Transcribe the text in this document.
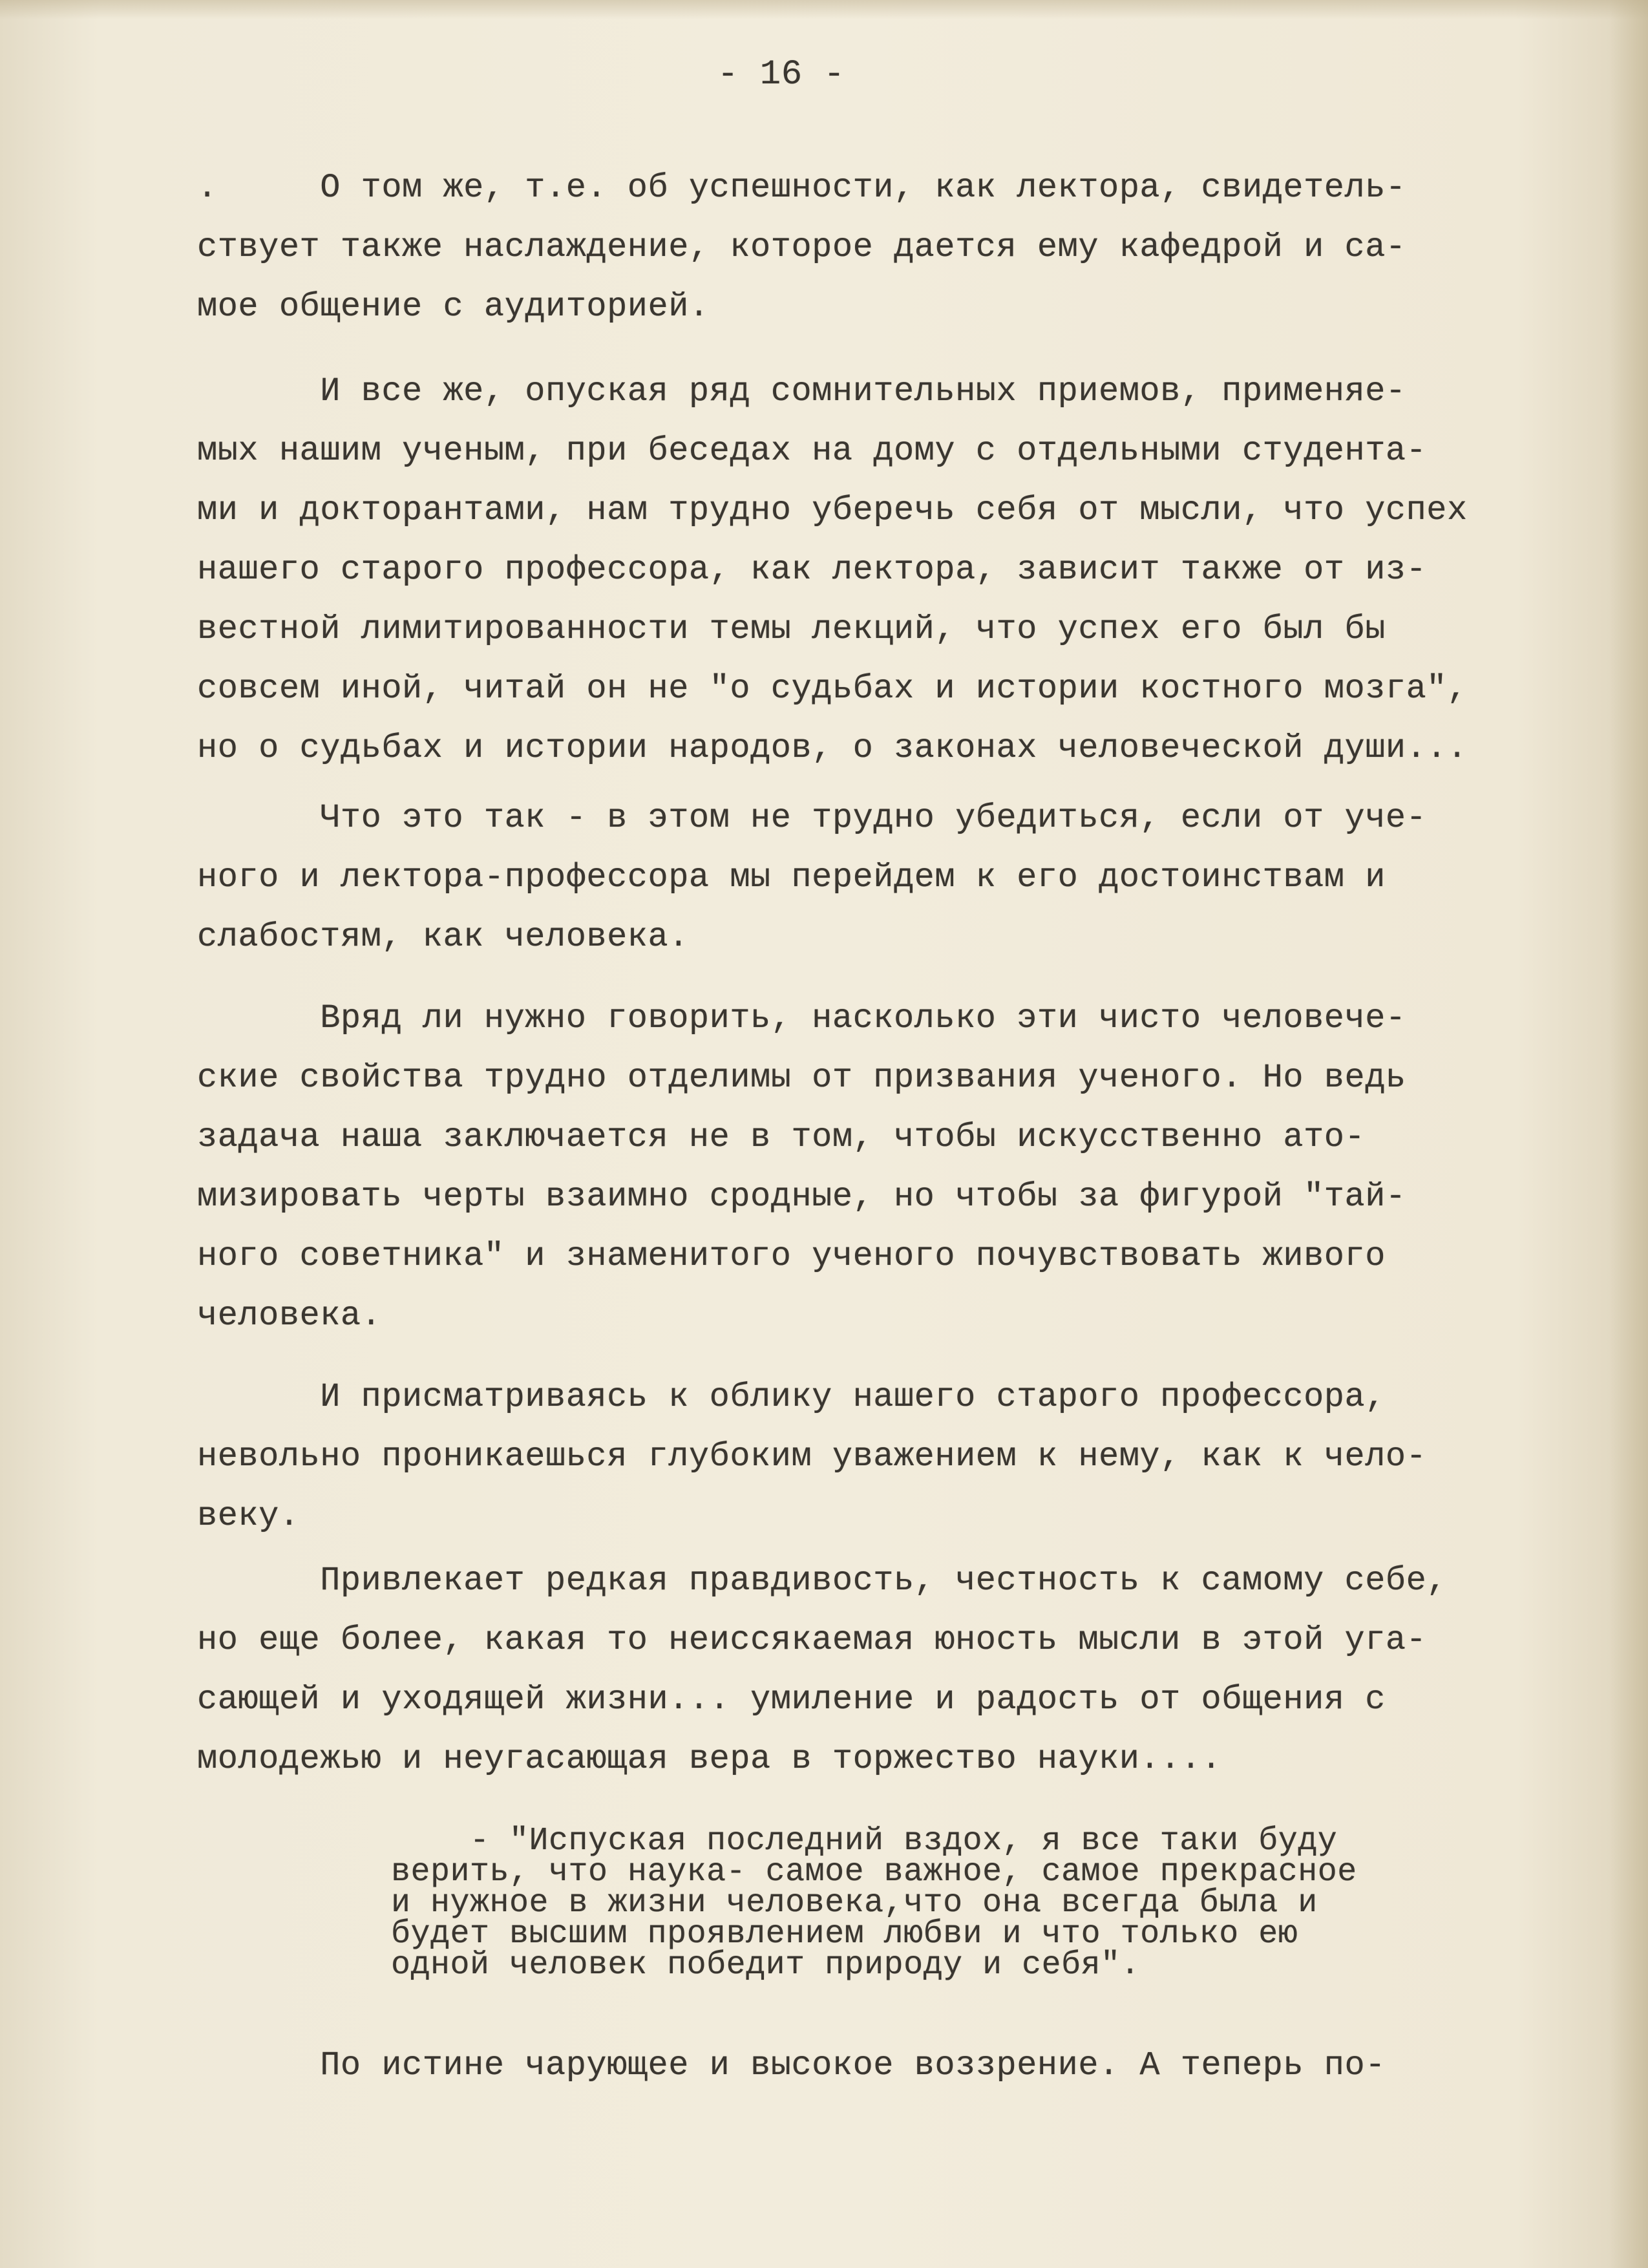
- 16 -
.     О том же, т.е. об успешности, как лектора, свидетель-
ствует также наслаждение, которое дается ему кафедрой и са-
мое общение с аудиторией.
И все же, опуская ряд сомнительных приемов, применяе-
мых нашим ученым, при беседах на дому с отдельными студента-
ми и докторантами, нам трудно уберечь себя от мысли, что успех
нашего старого профессора, как лектора, зависит также от из-
вестной лимитированности темы лекций, что успех его был бы
совсем иной, читай он не "о судьбах и истории костного мозга",
но о судьбах и истории народов, о законах человеческой души...
Что это так - в этом не трудно убедиться, если от уче-
ного и лектора-профессора мы перейдем к его достоинствам и
слабостям, как человека.
Вряд ли нужно говорить, насколько эти чисто человече-
ские свойства трудно отделимы от призвания ученого. Но ведь
задача наша заключается не в том, чтобы искусственно ато-
мизировать черты взаимно сродные, но чтобы за фигурой "тай-
ного советника" и знаменитого ученого почувствовать живого
человека.
И присматриваясь к облику нашего старого профессора,
невольно проникаешься глубоким уважением к нему, как к чело-
веку.
Привлекает редкая правдивость, честность к самому себе,
но еще более, какая то неиссякаемая юность мысли в этой уга-
сающей и уходящей жизни... умиление и радость от общения с
молодежью и неугасающая вера в торжество науки....
- "Испуская последний вздох, я все таки буду
верить, что наука- самое важное, самое прекрасное
и нужное в жизни человека,что она всегда была и
будет высшим проявлением любви и что только ею
одной человек победит природу и себя".
По истине чарующее и высокое воззрение. А теперь по-
